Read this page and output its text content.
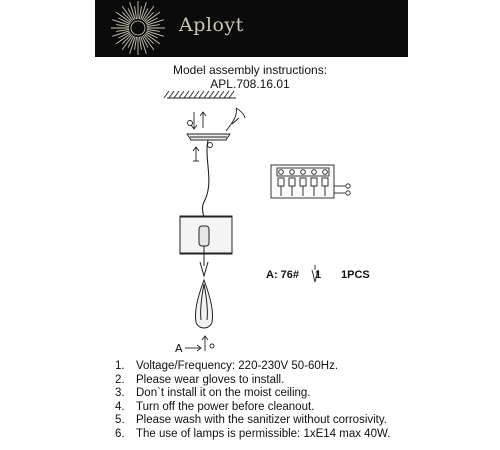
Aployt
Model assembly instructions:
APL.708.16.01
A
A: 76# 1 1PCS
1. Voltage/Frequency: 220-230V 50-60Hz.
2. Please wear gloves to install.
3. Don`t install it on the moist ceiling.
4. Turn off the power before cleanout.
5. Please wash with the sanitizer without corrosivity.
6. The use of lamps is permissible: 1xE14 max 40W.
